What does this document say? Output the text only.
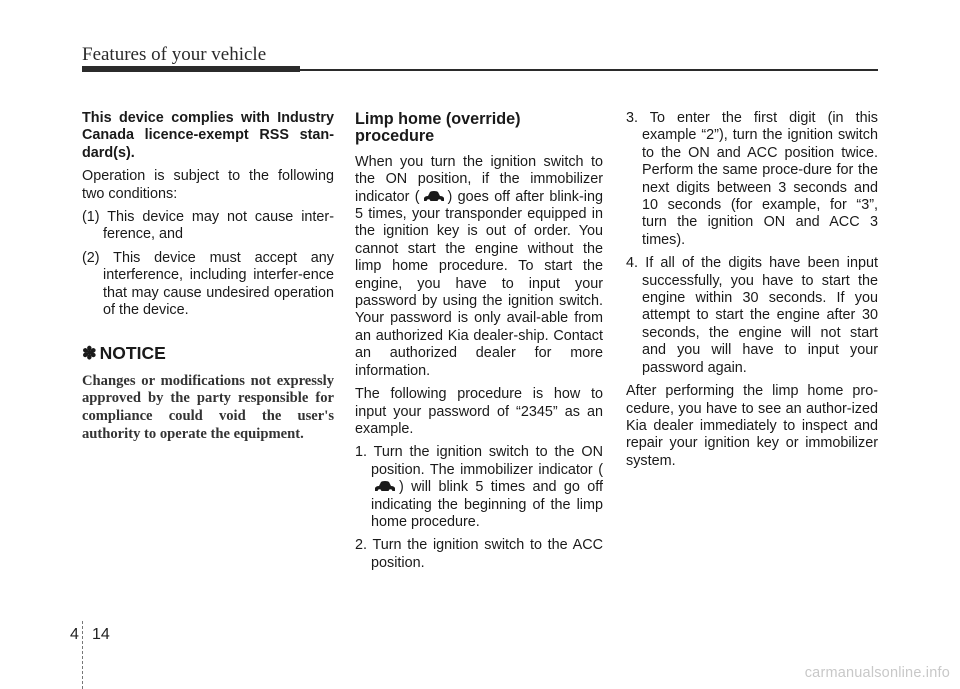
Features of your vehicle

This device complies with Industry Canada licence-exempt RSS stan-dard(s).

Operation is subject to the following two conditions:

(1) This device may not cause inter-ference, and

(2) This device must accept any interference, including interfer-ence that may cause undesired operation of the device.

✽ NOTICE
Changes or modifications not expressly approved by the party responsible for compliance could void the user's authority to operate the equipment.
Limp home (override) procedure

When you turn the ignition switch to the ON position, if the immobilizer indicator ( ) goes off after blink-ing 5 times, your transponder equipped in the ignition key is out of order. You cannot start the engine without the limp home procedure. To start the engine, you have to input your password by using the ignition switch. Your password is only avail-able from an authorized Kia dealer-ship. Contact an authorized dealer for more information.

The following procedure is how to input your password of “2345” as an example.

1. Turn the ignition switch to the ON position. The immobilizer indicator () will blink 5 times and go off indicating the beginning of the limp home procedure.

2. Turn the ignition switch to the ACC position.

3. To enter the first digit (in this example “2”), turn the ignition switch to the ON and ACC position twice. Perform the same proce-dure for the next digits between 3 seconds and 10 seconds (for example, for “3”, turn the ignition ON and ACC 3 times).

4. If all of the digits have been input successfully, you have to start the engine within 30 seconds. If you attempt to start the engine after 30 seconds, the engine will not start and you will have to input your password again.

After performing the limp home pro-cedure, you have to see an author-ized Kia dealer immediately to inspect and repair your ignition key or immobilizer system.

4 14
carmanualsonline.info
